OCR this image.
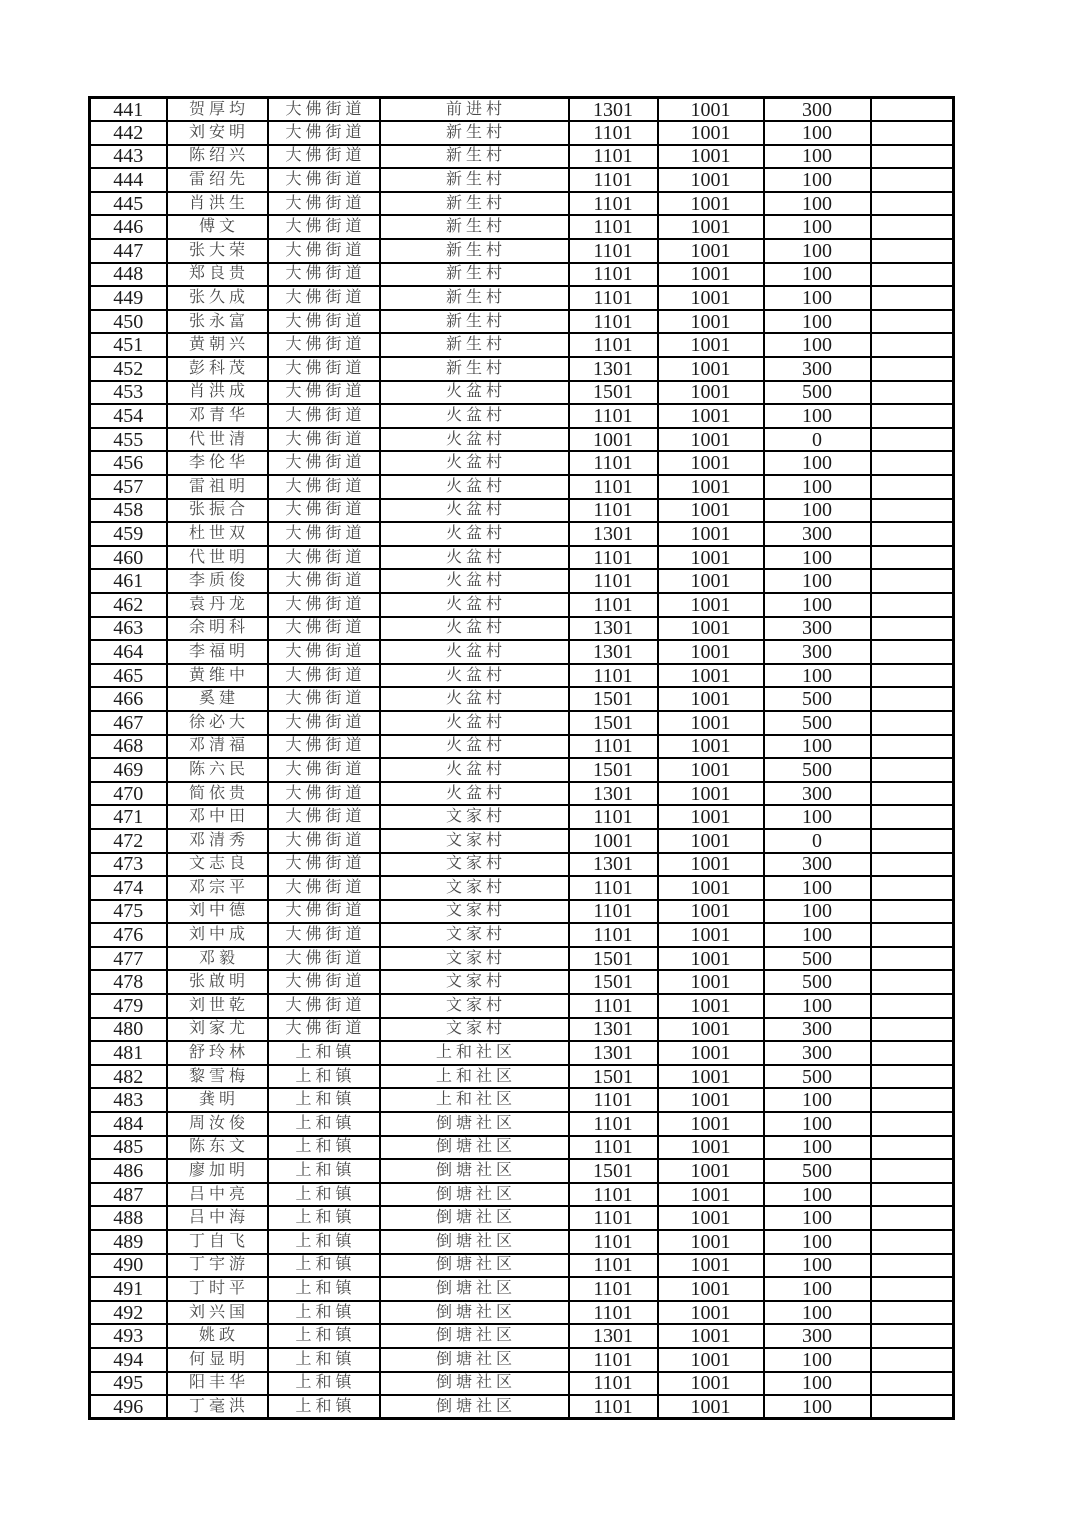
441	贺厚均	大佛街道	前进村	1301	1001	300	
442	刘安明	大佛街道	新生村	1101	1001	100	
443	陈绍兴	大佛街道	新生村	1101	1001	100	
444	雷绍先	大佛街道	新生村	1101	1001	100	
445	肖洪生	大佛街道	新生村	1101	1001	100	
446	傅文	大佛街道	新生村	1101	1001	100	
447	张大荣	大佛街道	新生村	1101	1001	100	
448	郑良贵	大佛街道	新生村	1101	1001	100	
449	张久成	大佛街道	新生村	1101	1001	100	
450	张永富	大佛街道	新生村	1101	1001	100	
451	黄朝兴	大佛街道	新生村	1101	1001	100	
452	彭科茂	大佛街道	新生村	1301	1001	300	
453	肖洪成	大佛街道	火盆村	1501	1001	500	
454	邓青华	大佛街道	火盆村	1101	1001	100	
455	代世清	大佛街道	火盆村	1001	1001	0	
456	李伦华	大佛街道	火盆村	1101	1001	100	
457	雷祖明	大佛街道	火盆村	1101	1001	100	
458	张振合	大佛街道	火盆村	1101	1001	100	
459	杜世双	大佛街道	火盆村	1301	1001	300	
460	代世明	大佛街道	火盆村	1101	1001	100	
461	李质俊	大佛街道	火盆村	1101	1001	100	
462	袁丹龙	大佛街道	火盆村	1101	1001	100	
463	余明科	大佛街道	火盆村	1301	1001	300	
464	李福明	大佛街道	火盆村	1301	1001	300	
465	黄维中	大佛街道	火盆村	1101	1001	100	
466	奚建	大佛街道	火盆村	1501	1001	500	
467	徐必大	大佛街道	火盆村	1501	1001	500	
468	邓清福	大佛街道	火盆村	1101	1001	100	
469	陈六民	大佛街道	火盆村	1501	1001	500	
470	简依贵	大佛街道	火盆村	1301	1001	300	
471	邓中田	大佛街道	文家村	1101	1001	100	
472	邓清秀	大佛街道	文家村	1001	1001	0	
473	文志良	大佛街道	文家村	1301	1001	300	
474	邓宗平	大佛街道	文家村	1101	1001	100	
475	刘中德	大佛街道	文家村	1101	1001	100	
476	刘中成	大佛街道	文家村	1101	1001	100	
477	邓毅	大佛街道	文家村	1501	1001	500	
478	张啟明	大佛街道	文家村	1501	1001	500	
479	刘世乾	大佛街道	文家村	1101	1001	100	
480	刘家尤	大佛街道	文家村	1301	1001	300	
481	舒玲林	上和镇	上和社区	1301	1001	300	
482	黎雪梅	上和镇	上和社区	1501	1001	500	
483	龚明	上和镇	上和社区	1101	1001	100	
484	周汝俊	上和镇	倒塘社区	1101	1001	100	
485	陈东文	上和镇	倒塘社区	1101	1001	100	
486	廖加明	上和镇	倒塘社区	1501	1001	500	
487	吕中亮	上和镇	倒塘社区	1101	1001	100	
488	吕中海	上和镇	倒塘社区	1101	1001	100	
489	丁自飞	上和镇	倒塘社区	1101	1001	100	
490	丁宇游	上和镇	倒塘社区	1101	1001	100	
491	丁时平	上和镇	倒塘社区	1101	1001	100	
492	刘兴国	上和镇	倒塘社区	1101	1001	100	
493	姚政	上和镇	倒塘社区	1301	1001	300	
494	何显明	上和镇	倒塘社区	1101	1001	100	
495	阳丰华	上和镇	倒塘社区	1101	1001	100	
496	丁毫洪	上和镇	倒塘社区	1101	1001	100	
